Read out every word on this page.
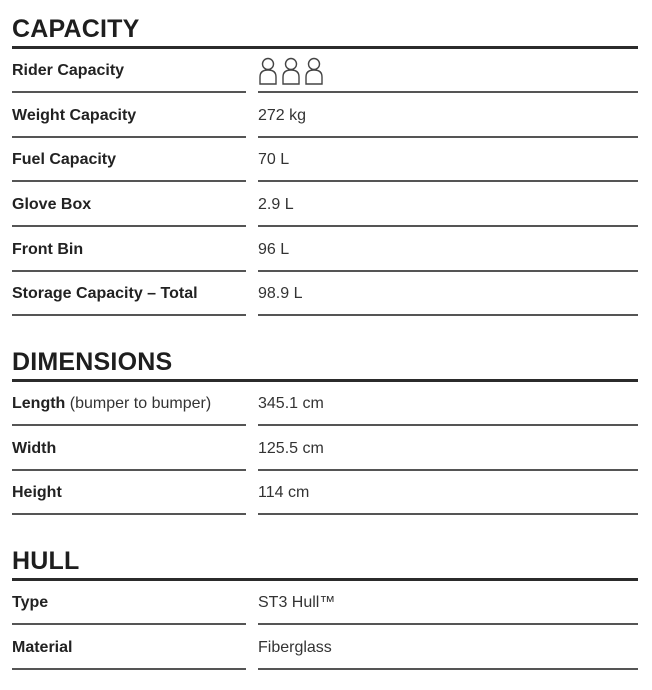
CAPACITY
Rider Capacity
Weight Capacity	272 kg
Fuel Capacity	70 L
Glove Box	2.9 L
Front Bin	96 L
Storage Capacity – Total	98.9 L
DIMENSIONS
Length (bumper to bumper)	345.1 cm
Width	125.5 cm
Height	114 cm
HULL
Type	ST3 Hull™
Material	Fiberglass
